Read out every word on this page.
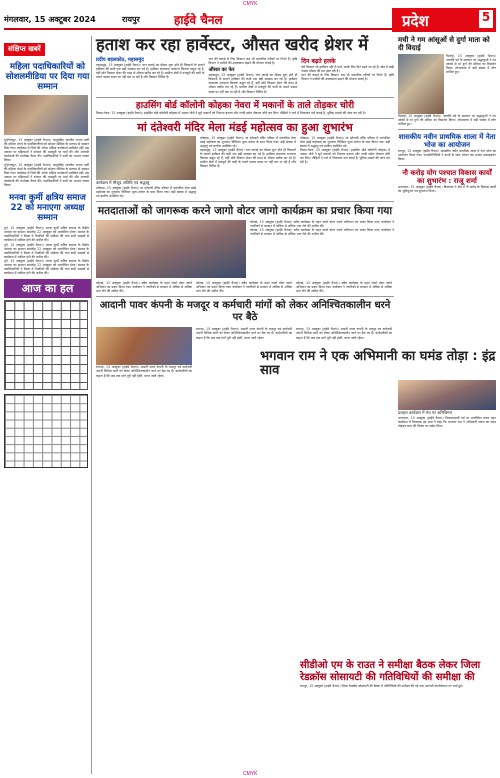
CMYK
मंगलवार, 15 अक्टूबर 2024	रायपुर	हाईवे चैनल	प्रदेश	5
संक्षिप्त खबरें
महिला पदाधिकारियों को सोशलमीडिया पर दिया गया सम्मान

दुर्ग/रायपुर, 15 अक्टूबर (हाईवे चैनल)। आतुरसिंह भारतीय जनता पार्टी की महिला मोर्चा के पदाधिकारियों को सोशल मीडिया के माध्यम से सम्मान दिया गया। कार्यक्रम में जिले की अनेक महिला कार्यकर्ता उपस्थित रहीं। इस अवसर पर महिलाओं ने संगठन की मजबूती पर चर्चा की और आगामी कार्यक्रमों की रूपरेखा तैयार की। पदाधिकारियों ने सभी का आभार व्यक्त किया।

दुर्ग/रायपुर, 15 अक्टूबर (हाईवे चैनल)। आतुरसिंह भारतीय जनता पार्टी की महिला मोर्चा के पदाधिकारियों को सोशल मीडिया के माध्यम से सम्मान दिया गया। कार्यक्रम में जिले की अनेक महिला कार्यकर्ता उपस्थित रहीं। इस अवसर पर महिलाओं ने संगठन की मजबूती पर चर्चा की और आगामी कार्यक्रमों की रूपरेखा तैयार की। पदाधिकारियों ने सभी का आभार व्यक्त किया।

मनवा कुर्मी क्षत्रिय समाज 22 को मनाएगा अध्यक्ष सम्मान

दुर्ग, 15 अक्टूबर (हाईवे चैनल)। मनवा कुर्मी क्षत्रिय समाज के केंद्रीय अध्यक्ष का सम्मान समारोह 22 अक्टूबर को आयोजित होगा। समाज के पदाधिकारियों ने बैठक में तैयारियों की समीक्षा की तथा सभी सदस्यों से कार्यक्रम में शामिल होने की अपील की।

दुर्ग, 15 अक्टूबर (हाईवे चैनल)। मनवा कुर्मी क्षत्रिय समाज के केंद्रीय अध्यक्ष का सम्मान समारोह 22 अक्टूबर को आयोजित होगा। समाज के पदाधिकारियों ने बैठक में तैयारियों की समीक्षा की तथा सभी सदस्यों से कार्यक्रम में शामिल होने की अपील की।

दुर्ग, 15 अक्टूबर (हाईवे चैनल)। मनवा कुर्मी क्षत्रिय समाज के केंद्रीय अध्यक्ष का सम्मान समारोह 22 अक्टूबर को आयोजित होगा। समाज के पदाधिकारियों ने बैठक में तैयारियों की समीक्षा की तथा सभी सदस्यों से कार्यक्रम में शामिल होने की अपील की।

आज का हल
हताश कर रहा हार्वेस्टर, औसत खरीद थ्रेशर में
प्रदीप बहलकोठ, महासमुंद

महासमुंद, 15 अक्टूबर (हाईवे चैनल)। धान कटाई का मौसम शुरू होते ही किसानों के सामने हार्वेस्टर की कमी एक बड़ी समस्या बन गई है। हार्वेस्टर संचालक मनमाना किराया वसूल रहे हैं, वहीं छोटे किसान थ्रेशर की मदद से औसत खरीद कर रहे हैं। ग्रामीण क्षेत्रों में मजदूरों की कमी के चलते फसल समय पर नहीं कट पा रही है और किसान चिंतित हैं।

धान की कटाई के लिए किसान अब भी पारंपरिक तरीकों पर निर्भर हैं। कृषि विभाग ने मशीनों की उपलब्धता बढ़ाने की योजना बनाई है।

औसत का फेर

महासमुंद, 15 अक्टूबर (हाईवे चैनल)। धान कटाई का मौसम शुरू होते ही किसानों के सामने हार्वेस्टर की कमी एक बड़ी समस्या बन गई है। हार्वेस्टर संचालक मनमाना किराया वसूल रहे हैं, वहीं छोटे किसान थ्रेशर की मदद से औसत खरीद कर रहे हैं। ग्रामीण क्षेत्रों में मजदूरों की कमी के चलते फसल समय पर नहीं कट पा रही है और किसान चिंतित हैं।

दिन बढ़ते हलके

ऐसे किसान जो हार्वेस्टर नहीं ले पाते, उनके लिए दिन बढ़ते जा रहे हैं। खेत में खड़ी फसल मौसम की मार झेल रही है।

धान की कटाई के लिए किसान अब भी पारंपरिक तरीकों पर निर्भर हैं। कृषि विभाग ने मशीनों की उपलब्धता बढ़ाने की योजना बनाई है।

हाउसिंग बोर्ड कॉलोनी कोहका नेवरा में मकानों के ताले तोड़कर चोरी

तिल्दा-नेवरा, 15 अक्टूबर (हाईवे चैनल)। हाउसिंग बोर्ड कॉलोनी कोहका में अज्ञात चोरों ने सूने मकानों को निशाना बनाया और नगदी समेत जेवरात चोरी कर लिए। पीड़ितों ने थाने में शिकायत दर्ज कराई है, पुलिस मामले की जांच कर रही है।

मां दंतेश्वरी मंदिर मेला मंडई महोत्सव का हुआ शुभारंभ
कार्यक्रम में मौजूद अतिथि एवं श्रद्धालु

दंतेवाड़ा, 15 अक्टूबर (हाईवे चैनल)। मां दंतेश्वरी मंदिर परिसर में पारंपरिक मेला मंडई महोत्सव का शुभारंभ विधिवत पूजा-अर्चना के साथ किया गया। बड़ी संख्या में श्रद्धालु एवं ग्रामीण उपस्थित रहे।

दंतेवाड़ा, 15 अक्टूबर (हाईवे चैनल)। मां दंतेश्वरी मंदिर परिसर में पारंपरिक मेला मंडई महोत्सव का शुभारंभ विधिवत पूजा-अर्चना के साथ किया गया। बड़ी संख्या में श्रद्धालु एवं ग्रामीण उपस्थित रहे।

महासमुंद, 15 अक्टूबर (हाईवे चैनल)। धान कटाई का मौसम शुरू होते ही किसानों के सामने हार्वेस्टर की कमी एक बड़ी समस्या बन गई है। हार्वेस्टर संचालक मनमाना किराया वसूल रहे हैं, वहीं छोटे किसान थ्रेशर की मदद से औसत खरीद कर रहे हैं। ग्रामीण क्षेत्रों में मजदूरों की कमी के चलते फसल समय पर नहीं कट पा रही है और किसान चिंतित हैं।

दंतेवाड़ा, 15 अक्टूबर (हाईवे चैनल)। मां दंतेश्वरी मंदिर परिसर में पारंपरिक मेला मंडई महोत्सव का शुभारंभ विधिवत पूजा-अर्चना के साथ किया गया। बड़ी संख्या में श्रद्धालु एवं ग्रामीण उपस्थित रहे।

तिल्दा-नेवरा, 15 अक्टूबर (हाईवे चैनल)। हाउसिंग बोर्ड कॉलोनी कोहका में अज्ञात चोरों ने सूने मकानों को निशाना बनाया और नगदी समेत जेवरात चोरी कर लिए। पीड़ितों ने थाने में शिकायत दर्ज कराई है, पुलिस मामले की जांच कर रही है।

मतदाताओं को जागरूक करने जागो वोटर जागो कार्यक्रम का प्रचार किया गया

कोरबा, 15 अक्टूबर (हाईवे चैनल)। स्वीप कार्यक्रम के तहत जागो वोटर जागो अभियान का प्रचार किया गया। कलेक्टर ने नागरिकों से मतदान में अधिक से अधिक भाग लेने की अपील की।

कोरबा, 15 अक्टूबर (हाईवे चैनल)। स्वीप कार्यक्रम के तहत जागो वोटर जागो अभियान का प्रचार किया गया। कलेक्टर ने नागरिकों से मतदान में अधिक से अधिक भाग लेने की अपील की।

कोरबा, 15 अक्टूबर (हाईवे चैनल)। स्वीप कार्यक्रम के तहत जागो वोटर जागो अभियान का प्रचार किया गया। कलेक्टर ने नागरिकों से मतदान में अधिक से अधिक भाग लेने की अपील की।

कोरबा, 15 अक्टूबर (हाईवे चैनल)। स्वीप कार्यक्रम के तहत जागो वोटर जागो अभियान का प्रचार किया गया। कलेक्टर ने नागरिकों से मतदान में अधिक से अधिक भाग लेने की अपील की।

कोरबा, 15 अक्टूबर (हाईवे चैनल)। स्वीप कार्यक्रम के तहत जागो वोटर जागो अभियान का प्रचार किया गया। कलेक्टर ने नागरिकों से मतदान में अधिक से अधिक भाग लेने की अपील की।

आदानी पावर कंपनी के मजदूर व कर्मचारी मांगों को लेकर अनिश्चितकालीन धरने पर बैठे

रायगढ़, 15 अक्टूबर (हाईवे चैनल)। अदानी पावर कंपनी के मजदूर एवं कर्मचारी अपनी विभिन्न मांगों को लेकर अनिश्चितकालीन धरने पर बैठ गए हैं। कर्मचारियों का कहना है कि जब तक मांगें पूरी नहीं होतीं, धरना जारी रहेगा।

रायगढ़, 15 अक्टूबर (हाईवे चैनल)। अदानी पावर कंपनी के मजदूर एवं कर्मचारी अपनी विभिन्न मांगों को लेकर अनिश्चितकालीन धरने पर बैठ गए हैं। कर्मचारियों का कहना है कि जब तक मांगें पूरी नहीं होतीं, धरना जारी रहेगा।

रायगढ़, 15 अक्टूबर (हाईवे चैनल)। अदानी पावर कंपनी के मजदूर एवं कर्मचारी अपनी विभिन्न मांगों को लेकर अनिश्चितकालीन धरने पर बैठ गए हैं। कर्मचारियों का कहना है कि जब तक मांगें पूरी नहीं होतीं, धरना जारी रहेगा।

मची ने गम आंसूओं से दुर्गा माता को दी विदाई

भिलाई, 15 अक्टूबर (हाईवे चैनल)। नवरात्रि पर्व के समापन पर श्रद्धालुओं ने नम आंखों से मां दुर्गा की प्रतिमा का विसर्जन किया। शोभायात्रा में बड़ी संख्या में लोग शामिल हुए।

भिलाई, 15 अक्टूबर (हाईवे चैनल)। नवरात्रि पर्व के समापन पर श्रद्धालुओं ने नम आंखों से मां दुर्गा की प्रतिमा का विसर्जन किया। शोभायात्रा में बड़ी संख्या में लोग शामिल हुए।

शासकीय नवीन प्राथमिक शाला में नेता भोज का आयोजन

रायपुर, 15 अक्टूबर (हाईवे चैनल)। शासकीय नवीन प्राथमिक शाला में नेता भोज का आयोजन किया गया। जनप्रतिनिधियों ने बच्चों के साथ भोजन कर उनका उत्साहवर्धन किया।

नौ करोड़ योग पश्चात विकास कार्यों का शुभारंभ : राजू शर्मा

भाटापारा, 15 अक्टूबर (हाईवे चैनल)। विधायक ने क्षेत्र में नौ करोड़ के विकास कार्यों का भूमिपूजन एवं शुभारंभ किया।

दशहरा कार्यक्रम में मंच पर अतिथिगण

भाटापारा, 15 अक्टूबर (हाईवे चैनल)। विजयादशमी पर्व पर आयोजित रावण दहन कार्यक्रम में विधायक इंद्र साव ने कहा कि भगवान राम ने अभिमानी रावण का घमंड तोड़कर सत्य की विजय का संदेश दिया।

भगवान राम ने एक अभिमानी का घमंड तोड़ा : इंद्र साव
सीडीओ एम के राउत ने समीक्षा बैठक लेकर जिला रेडक्रॉस सोसायटी की गतिविधियों की समीक्षा की

रायपुर, 15 अक्टूबर (हाईवे चैनल)। जिला रेडक्रॉस सोसायटी की बैठक में गतिविधियों की समीक्षा की गई तथा आगामी कार्ययोजना पर चर्चा हुई।

CMYK
